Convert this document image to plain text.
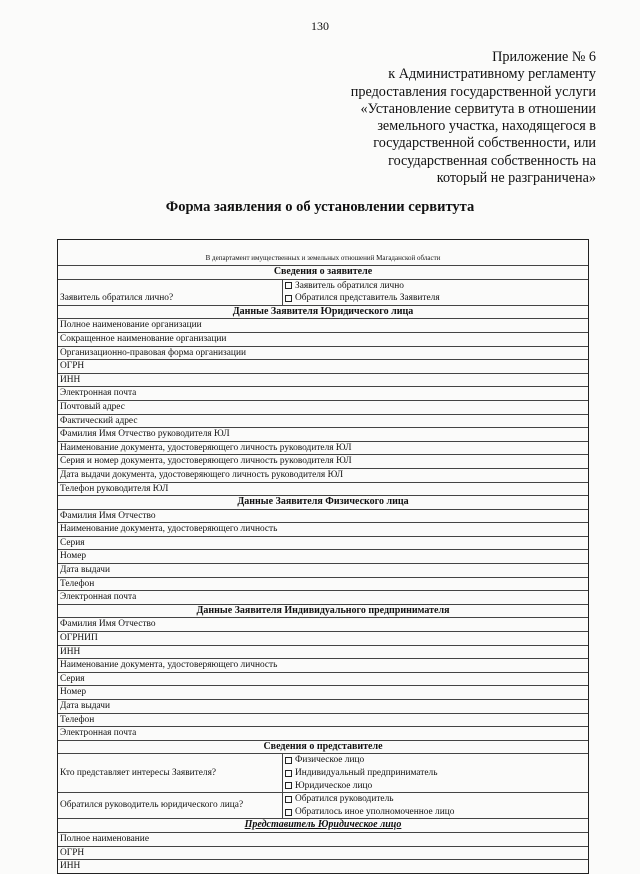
130
Приложение № 6
к Административному регламенту
предоставления государственной услуги
«Установление сервитута в отношении
земельного участка, находящегося в
государственной собственности, или
государственная собственность на
который не разграничена»
Форма заявления о об установлении сервитута
В департамент имущественных и земельных отношений Магаданской области
Сведения о заявителе
Заявитель обратился лично?
Заявитель обратился лично
Обратился представитель Заявителя
Данные Заявителя Юридического лица
Полное наименование организации
Сокращенное наименование организации
Организационно-правовая форма организации
ОГРН
ИНН
Электронная почта
Почтовый адрес
Фактический адрес
Фамилия Имя Отчество руководителя ЮЛ
Наименование документа, удостоверяющего личность руководителя ЮЛ
Серия и номер документа, удостоверяющего личность руководителя ЮЛ
Дата выдачи документа, удостоверяющего личность руководителя ЮЛ
Телефон руководителя ЮЛ
Данные Заявителя Физического лица
Фамилия Имя Отчество
Наименование документа, удостоверяющего личность
Серия
Номер
Дата выдачи
Телефон
Электронная почта
Данные Заявителя Индивидуального предпринимателя
Фамилия Имя Отчество
ОГРНИП
ИНН
Наименование документа, удостоверяющего личность
Серия
Номер
Дата выдачи
Телефон
Электронная почта
Сведения о представителе
Кто представляет интересы Заявителя?
Физическое лицо
Индивидуальный предприниматель
Юридическое лицо
Обратился руководитель юридического лица?
Обратился руководитель
Обратилось иное уполномоченное лицо
Представитель Юридическое лицо
Полное наименование
ОГРН
ИНН
